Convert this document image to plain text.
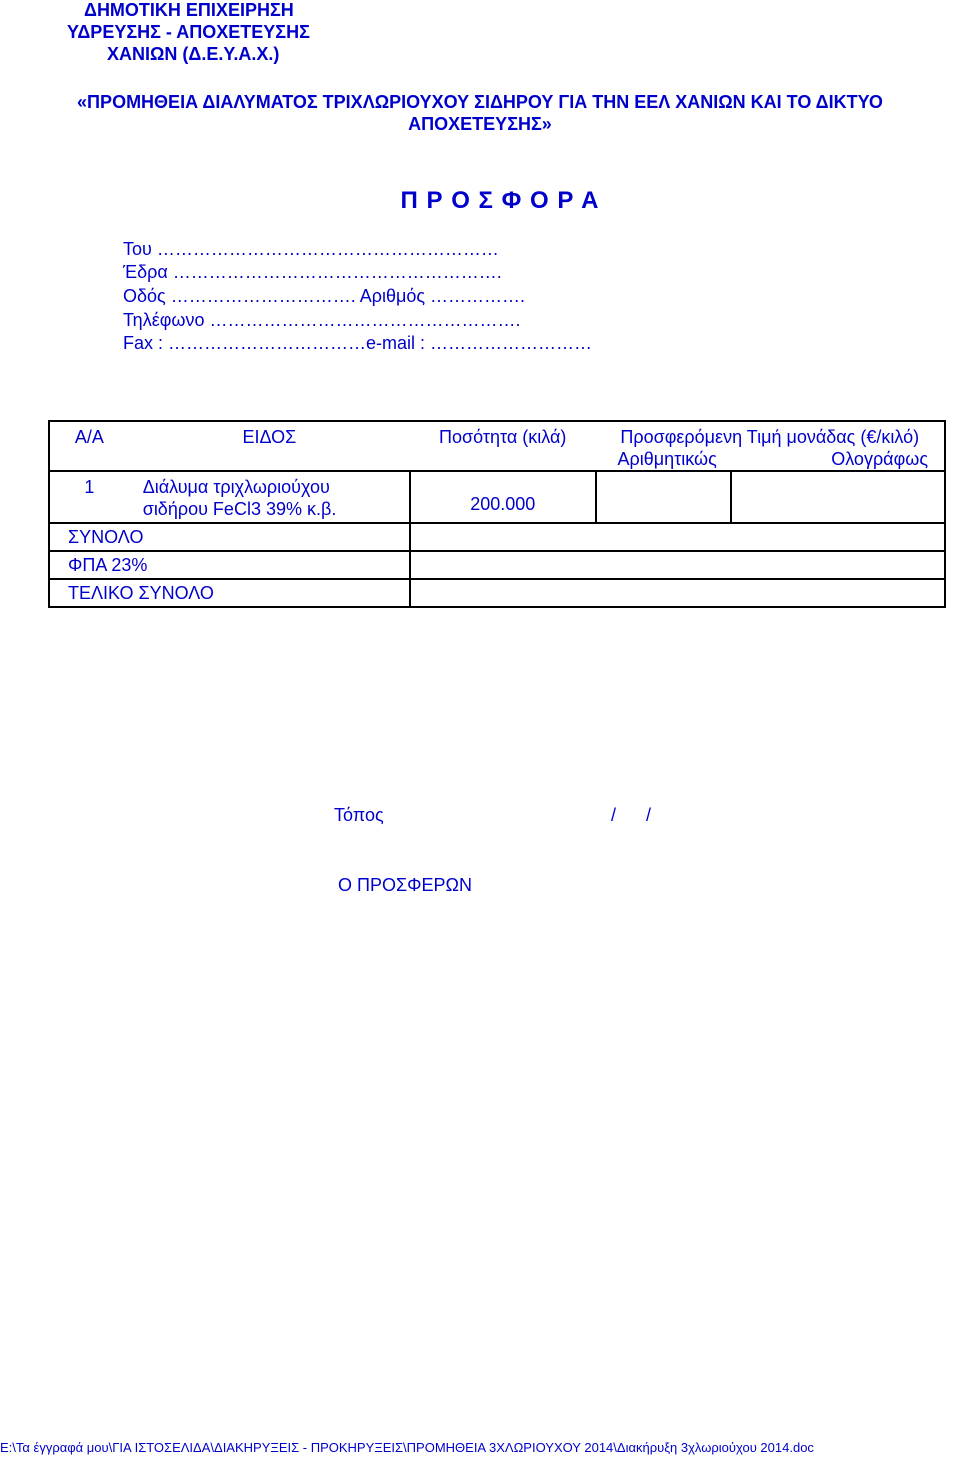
ΔΗΜΟΤΙΚΗ ΕΠΙΧΕΙΡΗΣΗ
ΥΔΡΕΥΣΗΣ - ΑΠΟΧΕΤΕΥΣΗΣ
ΧΑΝΙΩΝ (Δ.Ε.Υ.Α.Χ.)
«ΠΡΟΜΗΘΕΙΑ ΔΙΑΛΥΜΑΤΟΣ ΤΡΙΧΛΩΡΙΟΥΧΟΥ ΣΙΔΗΡΟΥ ΓΙΑ ΤΗΝ ΕΕΛ ΧΑΝΙΩΝ ΚΑΙ ΤΟ ΔΙΚΤΥΟ
ΑΠΟΧΕΤΕΥΣΗΣ»
Π Ρ Ο Σ Φ Ο Ρ Α
Του …………………………………………………
Έδρα ……………………………………………….
Οδός …………………………. Αριθμός …………….
Τηλέφωνο …………………………………………….
Fax : ……………………………e-mail : ………………………
Α/Α	ΕΙΔΟΣ	Ποσότητα (κιλά)	Προσφερόμενη Τιμή μονάδας (€/κιλό)
Αριθμητικώς Ολογράφως	

1	Διάλυμα τριχλωριούχου
σιδήρου FeCl3 39% κ.β.	200.000		
ΣΥΝΟΛΟ				
ΦΠΑ 23%				
ΤΕΛΙΚΟ ΣΥΝΟΛΟ				
Τόπος	/      /
Ο ΠΡΟΣΦΕΡΩΝ
E:\Τα έγγραφά μου\ΓΙΑ ΙΣΤΟΣΕΛΙΔΑ\ΔΙΑΚΗΡΥΞΕΙΣ - ΠΡΟΚΗΡΥΞΕΙΣ\ΠΡΟΜΗΘΕΙΑ 3ΧΛΩΡΙΟΥΧΟΥ 2014\Διακήρυξη 3χλωριούχου 2014.doc
